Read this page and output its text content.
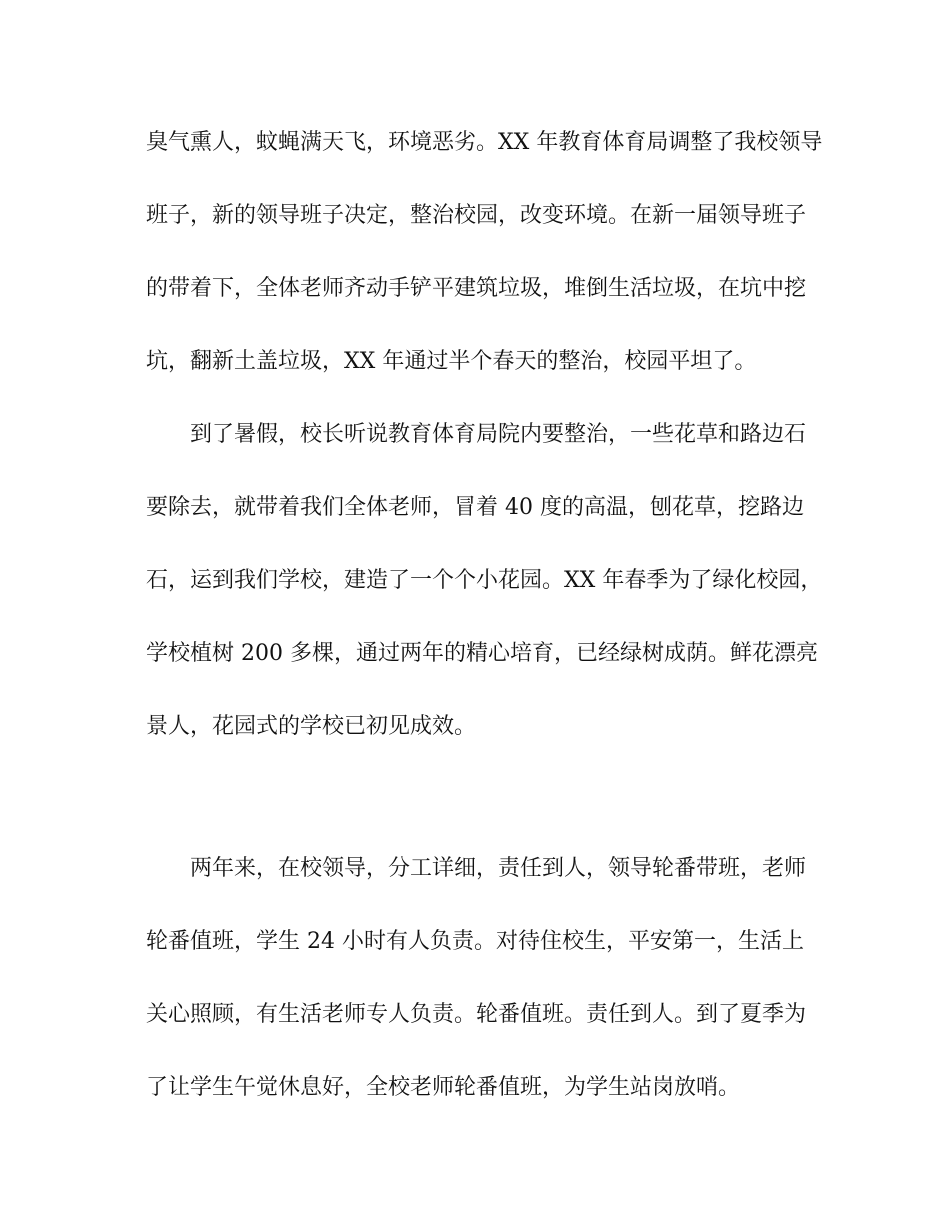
臭气熏人，蚊蝇满天飞，环境恶劣。XX 年教育体育局调整了我校领导
班子，新的领导班子决定，整治校园，改变环境。在新一届领导班子
的带着下，全体老师齐动手铲平建筑垃圾，堆倒生活垃圾，在坑中挖
坑，翻新土盖垃圾，XX 年通过半个春天的整治，校园平坦了。
到了暑假，校长听说教育体育局院内要整治，一些花草和路边石
要除去，就带着我们全体老师，冒着 40 度的高温，刨花草，挖路边
石，运到我们学校，建造了一个个小花园。XX 年春季为了绿化校园，
学校植树 200 多棵，通过两年的精心培育，已经绿树成荫。鲜花漂亮
景人，花园式的学校已初见成效。
两年来，在校领导，分工详细，责任到人，领导轮番带班，老师
轮番值班，学生 24 小时有人负责。对待住校生，平安第一，生活上
关心照顾，有生活老师专人负责。轮番值班。责任到人。到了夏季为
了让学生午觉休息好，全校老师轮番值班，为学生站岗放哨。
